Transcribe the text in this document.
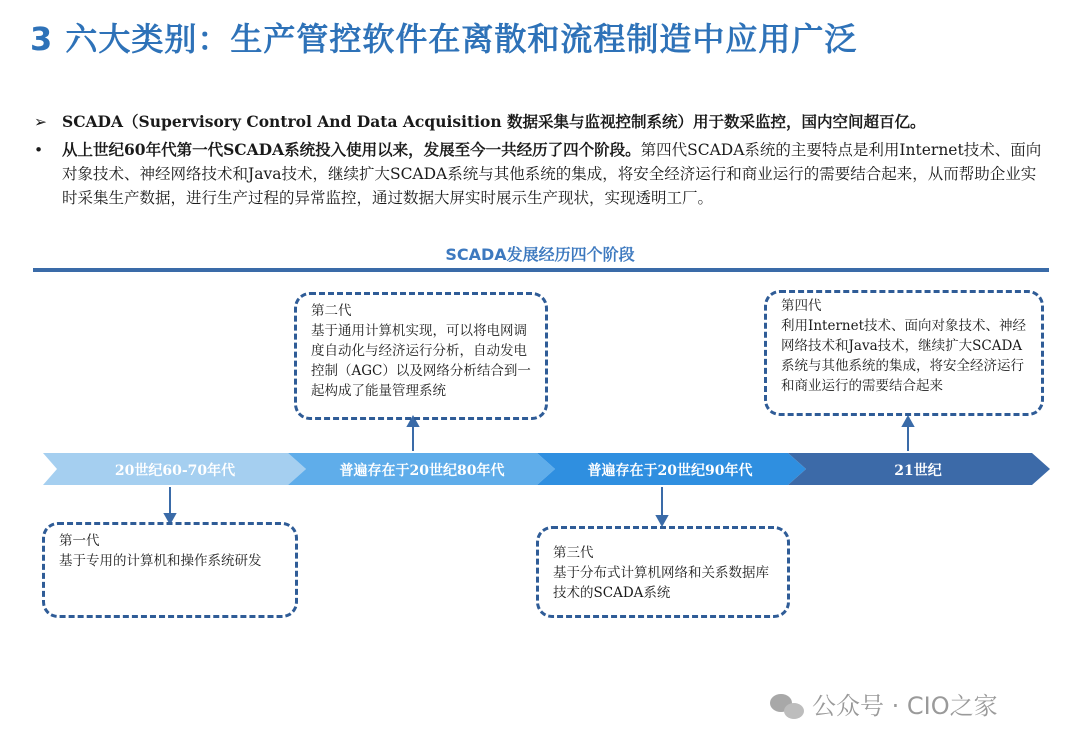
3 六大类别：生产管控软件在离散和流程制造中应用广泛
➢ SCADA（Supervisory Control And Data Acquisition 数据采集与监视控制系统）用于数采监控，国内空间超百亿。
•	从上世纪60年代第一代SCADA系统投入使用以来，发展至今一共经历了四个阶段。第四代SCADA系统的主要特点是利用Internet技术、面向对象技术、神经网络技术和Java技术，继续扩大SCADA系统与其他系统的集成，将安全经济运行和商业运行的需要结合起来，从而帮助企业实时采集生产数据，进行生产过程的异常监控，通过数据大屏实时展示生产现状，实现透明工厂。
SCADA发展经历四个阶段
20世纪60-70年代	普遍存在于20世纪80年代	普遍存在于20世纪90年代	21世纪
公众号 · CIO之家
第一代
基于专用的计算机和操作系统研发
第二代
基于通用计算机实现，可以将电网调度自动化与经济运行分析，自动发电控制（AGC）以及网络分析结合到一起构成了能量管理系统
第三代
基于分布式计算机网络和关系数据库技术的SCADA系统
第四代
利用Internet技术、面向对象技术、神经网络技术和Java技术，继续扩大SCADA系统与其他系统的集成，将安全经济运行和商业运行的需要结合起来
